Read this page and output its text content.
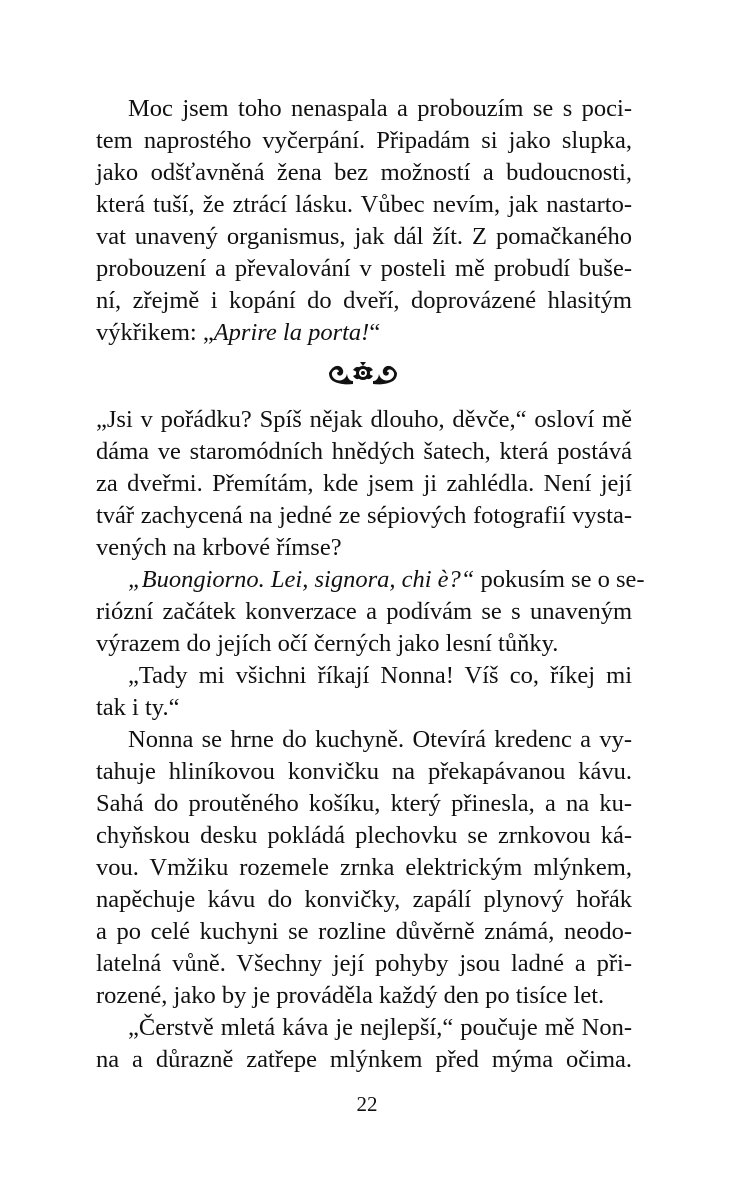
Moc jsem toho nenaspala a probouzím se s poci-
tem naprostého vyčerpání. Připadám si jako slupka,
jako odšťavněná žena bez možností a budoucnosti,
která tuší, že ztrácí lásku. Vůbec nevím, jak nastarto-
vat unavený organismus, jak dál žít. Z pomačkaného
probouzení a převalování v posteli mě probudí buše-
ní, zřejmě i kopání do dveří, doprovázené hlasitým
výkřikem: „Aprire la porta!“
„Jsi v pořádku? Spíš nějak dlouho, děvče,“ osloví mě
dáma ve staromódních hnědých šatech, která postává
za dveřmi. Přemítám, kde jsem ji zahlédla. Není její
tvář zachycená na jedné ze sépiových fotografií vysta-
vených na krbové římse?
„Buongiorno. Lei, signora, chi è?“ pokusím se o se-
riózní začátek konverzace a podívám se s unaveným
výrazem do jejích očí černých jako lesní tůňky.
„Tady mi všichni říkají Nonna! Víš co, říkej mi
tak i ty.“
Nonna se hrne do kuchyně. Otevírá kredenc a vy-
tahuje hliníkovou konvičku na překapávanou kávu.
Sahá do proutěného košíku, který přinesla, a na ku-
chyňskou desku pokládá plechovku se zrnkovou ká-
vou. Vmžiku rozemele zrnka elektrickým mlýnkem,
napěchuje kávu do konvičky, zapálí plynový hořák
a po celé kuchyni se rozline důvěrně známá, neodo-
latelná vůně. Všechny její pohyby jsou ladné a při-
rozené, jako by je prováděla každý den po tisíce let.
„Čerstvě mletá káva je nejlepší,“ poučuje mě Non-
na a důrazně zatřepe mlýnkem před mýma očima.
22
